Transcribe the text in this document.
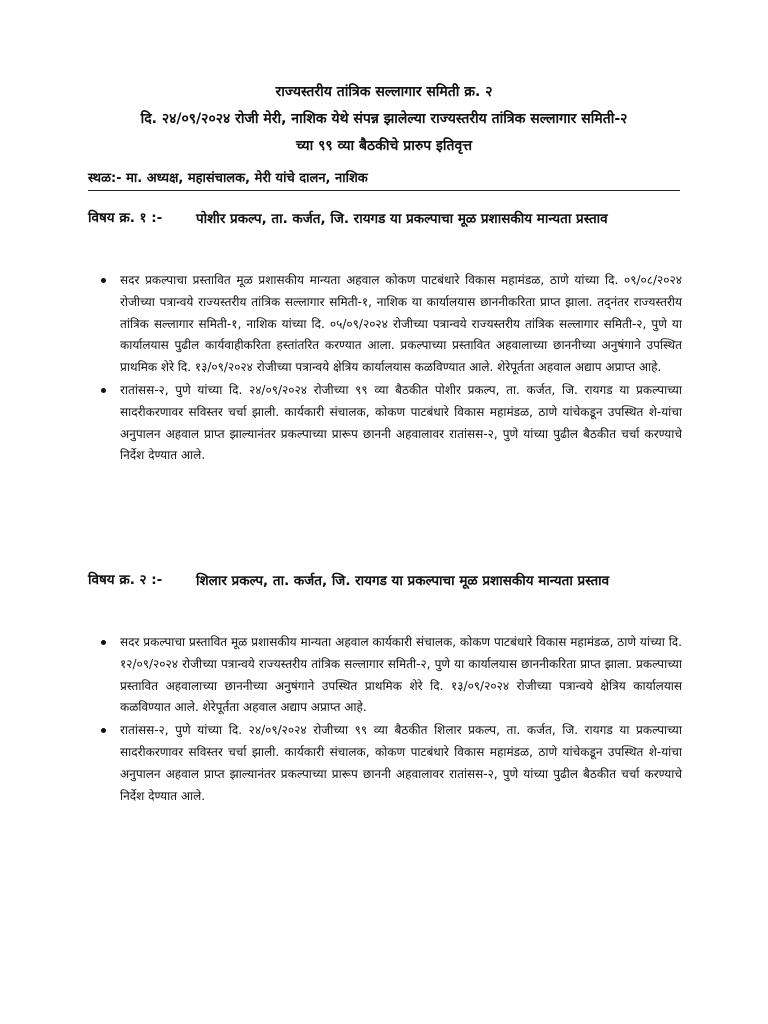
राज्यस्तरीय तांत्रिक सल्लागार समिती क्र. २
दि. २४/०९/२०२४ रोजी मेरी, नाशिक येथे संपन्न झालेल्या राज्यस्तरीय तांत्रिक सल्लागार समिती-२
च्या ९९ व्या बैठकीचे प्रारुप इतिवृत्त
स्थळ:- मा. अध्यक्ष, महासंचालक, मेरी यांचे दालन, नाशिक
विषय क्र. १ :- पोशीर प्रकल्प, ता. कर्जत, जि. रायगड या प्रकल्पाचा मूळ प्रशासकीय मान्यता प्रस्ताव
सदर प्रकल्पाचा प्रस्तावित मूळ प्रशासकीय मान्यता अहवाल कोकण पाटबंधारे विकास महामंडळ, ठाणे यांच्या दि. ०९/०८/२०२४ रोजीच्या पत्रान्वये राज्यस्तरीय तांत्रिक सल्लागार समिती-१, नाशिक या कार्यालयास छाननीकरिता प्राप्त झाला. तद्नंतर राज्यस्तरीय तांत्रिक सल्लागार समिती-१, नाशिक यांच्या दि. ०५/०९/२०२४ रोजीच्या पत्रान्वये राज्यस्तरीय तांत्रिक सल्लागार समिती-२, पुणे या कार्यालयास पुढील कार्यवाहीकरिता हस्तांतरित करण्यात आला. प्रकल्पाच्या प्रस्तावित अहवालाच्या छाननीच्या अनुषंगाने उपस्थित प्राथमिक शेरे दि. १३/०९/२०२४ रोजीच्या पत्रान्वये क्षेत्रिय कार्यालयास कळविण्यात आले. शेरेपूर्तता अहवाल अद्याप अप्राप्त आहे.
रातांसस-२, पुणे यांच्या दि. २४/०९/२०२४ रोजीच्या ९९ व्या बैठकीत पोशीर प्रकल्प, ता. कर्जत, जि. रायगड या प्रकल्पाच्या सादरीकरणावर सविस्तर चर्चा झाली. कार्यकारी संचालक, कोकण पाटबंधारे विकास महामंडळ, ठाणे यांचेकडून उपस्थित शे-यांचा अनुपालन अहवाल प्राप्त झाल्यानंतर प्रकल्पाच्या प्रारूप छाननी अहवालावर रातांसस-२, पुणे यांच्या पुढील बैठकीत चर्चा करण्याचे निर्देश देण्यात आले.
विषय क्र. २ :- शिलार प्रकल्प, ता. कर्जत, जि. रायगड या प्रकल्पाचा मूळ प्रशासकीय मान्यता प्रस्ताव
सदर प्रकल्पाचा प्रस्तावित मूळ प्रशासकीय मान्यता अहवाल कार्यकारी संचालक, कोकण पाटबंधारे विकास महामंडळ, ठाणे यांच्या दि. १२/०९/२०२४ रोजीच्या पत्रान्वये राज्यस्तरीय तांत्रिक सल्लागार समिती-२, पुणे या कार्यालयास छाननीकरिता प्राप्त झाला. प्रकल्पाच्या प्रस्तावित अहवालाच्या छाननीच्या अनुषंगाने उपस्थित प्राथमिक शेरे दि. १३/०९/२०२४ रोजीच्या पत्रान्वये क्षेत्रिय कार्यालयास कळविण्यात आले. शेरेपूर्तता अहवाल अद्याप अप्राप्त आहे.
रातांसस-२, पुणे यांच्या दि. २४/०९/२०२४ रोजीच्या ९९ व्या बैठकीत शिलार प्रकल्प, ता. कर्जत, जि. रायगड या प्रकल्पाच्या सादरीकरणावर सविस्तर चर्चा झाली. कार्यकारी संचालक, कोकण पाटबंधारे विकास महामंडळ, ठाणे यांचेकडून उपस्थित शे-यांचा अनुपालन अहवाल प्राप्त झाल्यानंतर प्रकल्पाच्या प्रारूप छाननी अहवालावर रातांसस-२, पुणे यांच्या पुढील बैठकीत चर्चा करण्याचे निर्देश देण्यात आले.
